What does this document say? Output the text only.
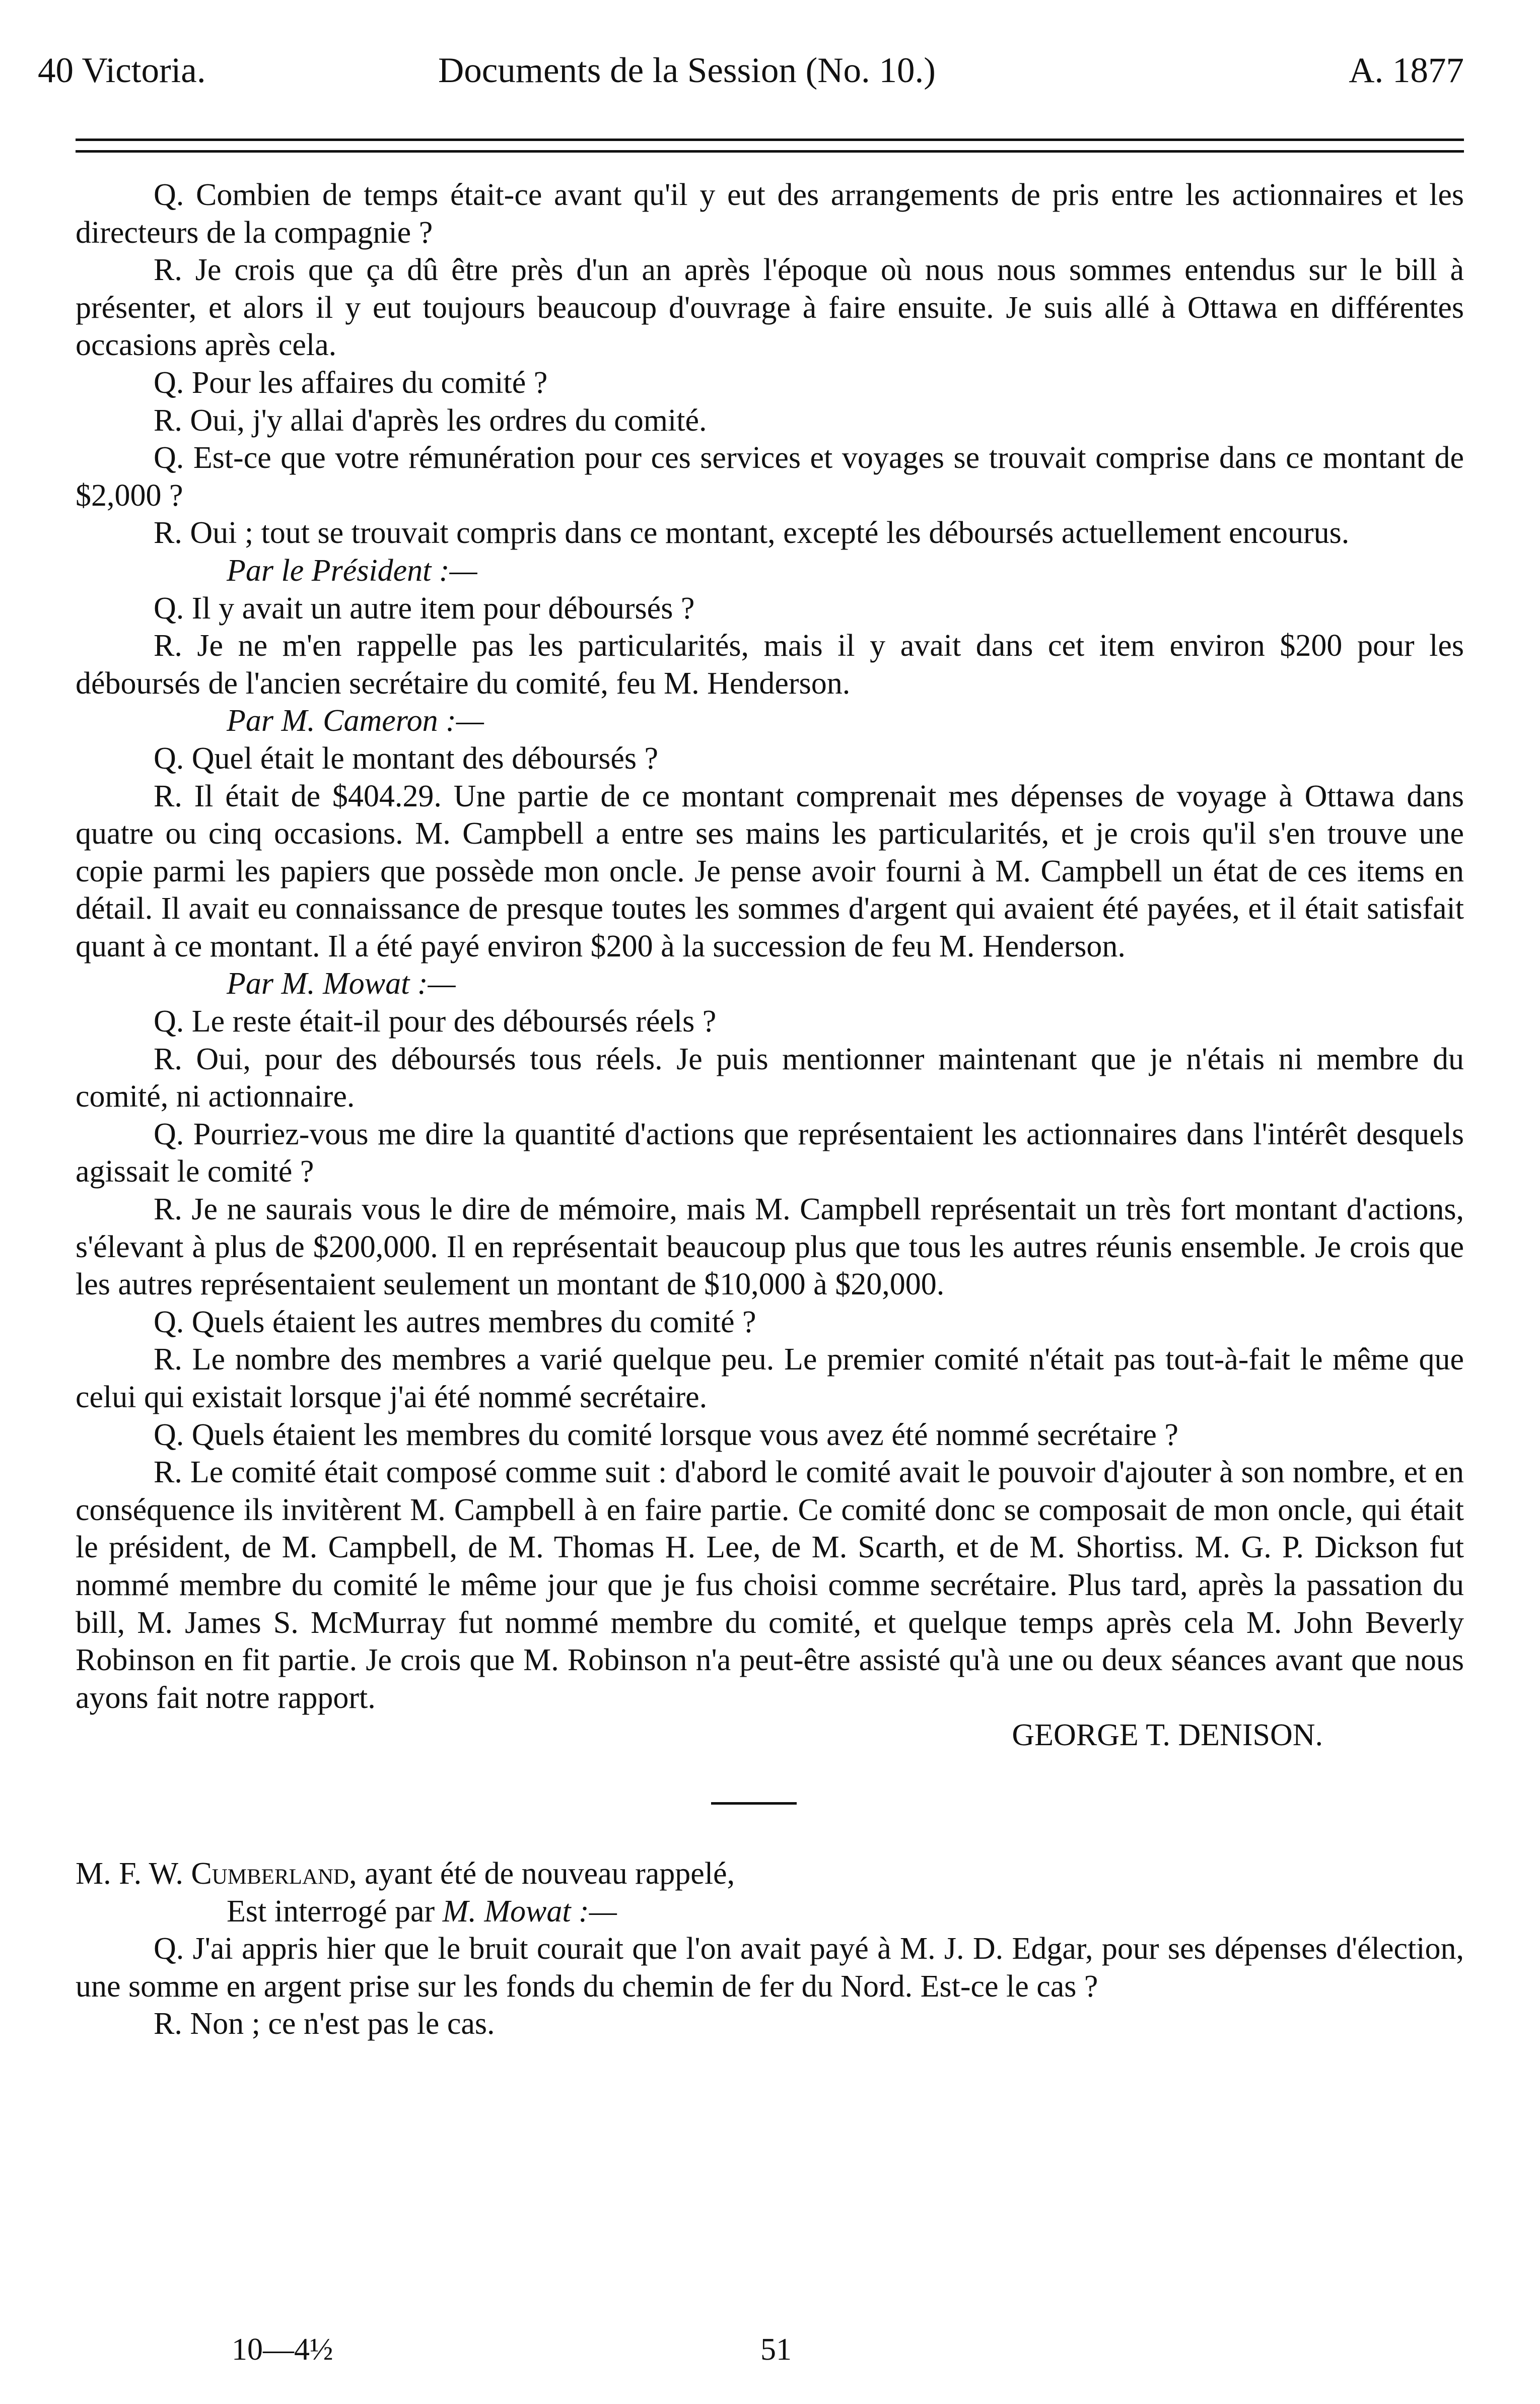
40 Victoria.	Documents de la Session (No. 10.)	A. 1877

Q. Combien de temps était-ce avant qu'il y eut des arrangements de pris entre les actionnaires et les directeurs de la compagnie ?

R. Je crois que ça dû être près d'un an après l'époque où nous nous sommes entendus sur le bill à présenter, et alors il y eut toujours beaucoup d'ouvrage à faire ensuite. Je suis allé à Ottawa en différentes occasions après cela.

Q. Pour les affaires du comité ?

R. Oui, j'y allai d'après les ordres du comité.

Q. Est-ce que votre rémunération pour ces services et voyages se trouvait comprise dans ce montant de $2,000 ?

R. Oui ; tout se trouvait compris dans ce montant, excepté les déboursés actuellement encourus.

Par le Président :—

Q. Il y avait un autre item pour déboursés ?

R. Je ne m'en rappelle pas les particularités, mais il y avait dans cet item environ $200 pour les déboursés de l'ancien secrétaire du comité, feu M. Henderson.

Par M. Cameron :—

Q. Quel était le montant des déboursés ?

R. Il était de $404.29. Une partie de ce montant comprenait mes dépenses de voyage à Ottawa dans quatre ou cinq occasions. M. Campbell a entre ses mains les particularités, et je crois qu'il s'en trouve une copie parmi les papiers que possède mon oncle. Je pense avoir fourni à M. Campbell un état de ces items en détail. Il avait eu connaissance de presque toutes les sommes d'argent qui avaient été payées, et il était satisfait quant à ce montant. Il a été payé environ $200 à la succession de feu M. Henderson.

Par M. Mowat :—

Q. Le reste était-il pour des déboursés réels ?

R. Oui, pour des déboursés tous réels. Je puis mentionner maintenant que je n'étais ni membre du comité, ni actionnaire.

Q. Pourriez-vous me dire la quantité d'actions que représentaient les actionnaires dans l'intérêt desquels agissait le comité ?

R. Je ne saurais vous le dire de mémoire, mais M. Campbell représentait un très fort montant d'actions, s'élevant à plus de $200,000. Il en représentait beaucoup plus que tous les autres réunis ensemble. Je crois que les autres représentaient seulement un montant de $10,000 à $20,000.

Q. Quels étaient les autres membres du comité ?

R. Le nombre des membres a varié quelque peu. Le premier comité n'était pas tout-à-fait le même que celui qui existait lorsque j'ai été nommé secrétaire.

Q. Quels étaient les membres du comité lorsque vous avez été nommé secrétaire ?

R. Le comité était composé comme suit : d'abord le comité avait le pouvoir d'ajouter à son nombre, et en conséquence ils invitèrent M. Campbell à en faire partie. Ce comité donc se composait de mon oncle, qui était le président, de M. Campbell, de M. Thomas H. Lee, de M. Scarth, et de M. Shortiss. M. G. P. Dickson fut nommé membre du comité le même jour que je fus choisi comme secrétaire. Plus tard, après la passation du bill, M. James S. McMurray fut nommé membre du comité, et quelque temps après cela M. John Beverly Robinson en fit partie. Je crois que M. Robinson n'a peut-être assisté qu'à une ou deux séances avant que nous ayons fait notre rapport.

GEORGE T. DENISON.

M. F. W. Cumberland, ayant été de nouveau rappelé,

Est interrogé par M. Mowat :—

Q. J'ai appris hier que le bruit courait que l'on avait payé à M. J. D. Edgar, pour ses dépenses d'élection, une somme en argent prise sur les fonds du chemin de fer du Nord. Est-ce le cas ?

R. Non ; ce n'est pas le cas.

10—4½	51
